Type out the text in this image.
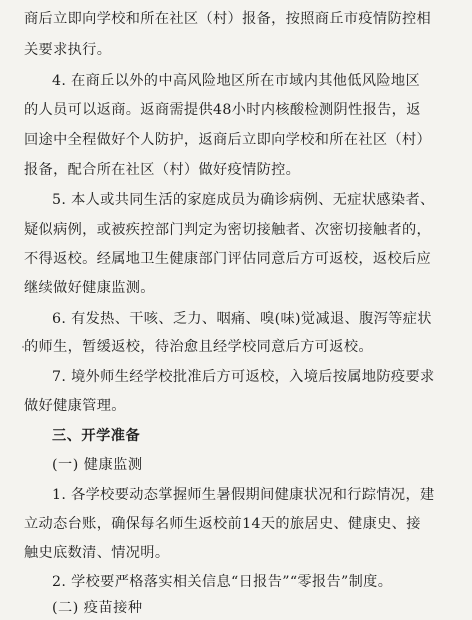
商后立即向学校和所在社区（村）报备，按照商丘市疫情防控相
关要求执行。
4. 在商丘以外的中高风险地区所在市域内其他低风险地区
的人员可以返商。返商需提供48小时内核酸检测阴性报告，返
回途中全程做好个人防护，返商后立即向学校和所在社区（村）
报备，配合所在社区（村）做好疫情防控。
5. 本人或共同生活的家庭成员为确诊病例、无症状感染者、
疑似病例，或被疾控部门判定为密切接触者、次密切接触者的，
不得返校。经属地卫生健康部门评估同意后方可返校，返校后应
继续做好健康监测。
6. 有发热、干咳、乏力、咽痛、嗅(味)觉减退、腹泻等症状
的师生，暂缓返校，待治愈且经学校同意后方可返校。
7. 境外师生经学校批准后方可返校，入境后按属地防疫要求
做好健康管理。
三、开学准备
(一) 健康监测
1. 各学校要动态掌握师生暑假期间健康状况和行踪情况，建
立动态台账，确保每名师生返校前14天的旅居史、健康史、接
触史底数清、情况明。
2. 学校要严格落实相关信息“日报告”“零报告”制度。
(二) 疫苗接种
